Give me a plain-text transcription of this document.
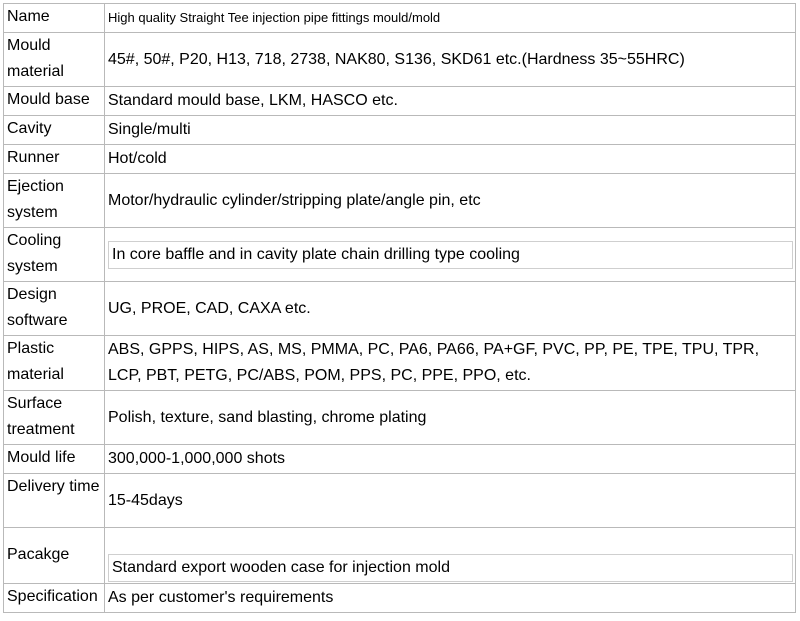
Name	High quality Straight Tee injection pipe fittings mould/mold
Mould material	45#, 50#, P20, H13, 718, 2738, NAK80, S136, SKD61 etc.(Hardness 35~55HRC)
Mould base	Standard mould base, LKM, HASCO etc.
Cavity	Single/multi
Runner	Hot/cold
Ejection system	Motor/hydraulic cylinder/stripping plate/angle pin, etc
Cooling system	In core baffle and in cavity plate chain drilling type cooling

Design software	UG, PROE, CAD, CAXA etc.
Plastic material	ABS, GPPS, HIPS, AS, MS, PMMA, PC, PA6, PA66, PA+GF, PVC, PP, PE, TPE, TPU, TPR, LCP, PBT, PETG, PC/ABS, POM, PPS, PC, PPE, PPO, etc.
Surface treatment	Polish, texture, sand blasting, chrome plating
Mould life	300,000-1,000,000 shots
Delivery time	15-45days
Pacakge	Standard export wooden case for injection mold

Specification	As per customer's requirements
